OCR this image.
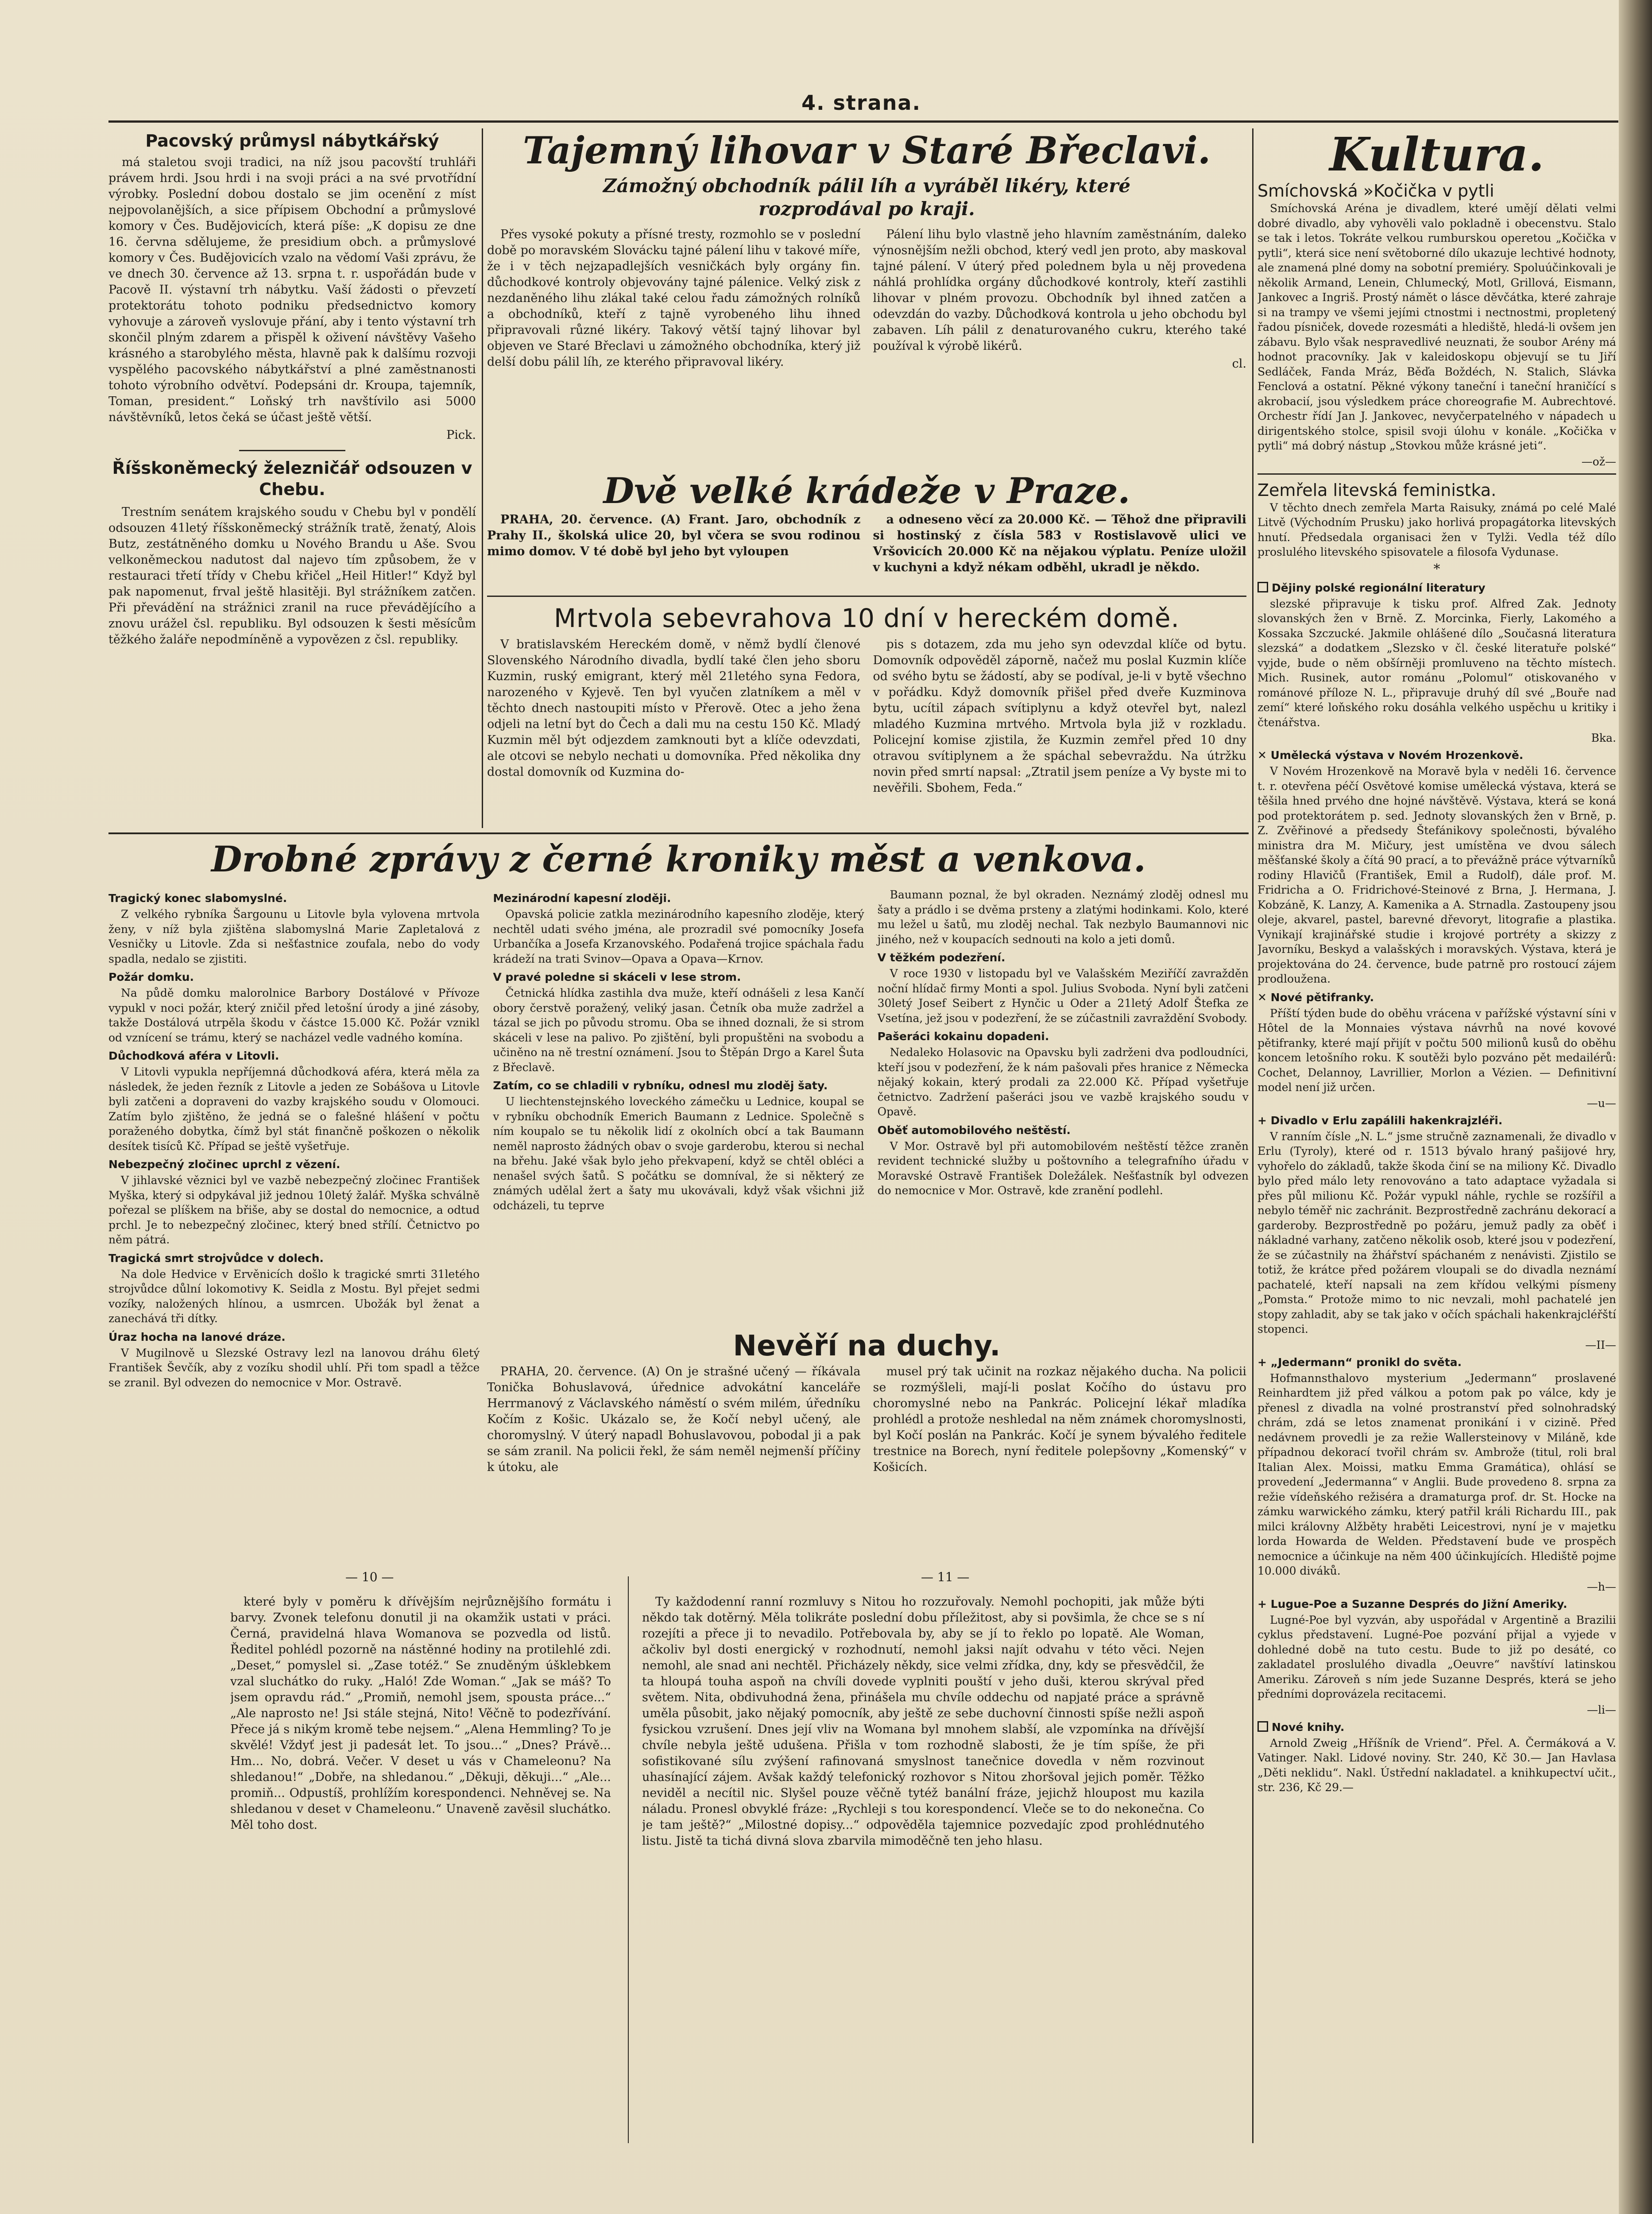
4. strana.
Pacovský průmysl nábytkářský

má staletou svoji tradici, na níž jsou pacovští truhláři právem hrdi. Jsou hrdi i na svoji práci a na své prvotřídní výrobky. Poslední dobou dostalo se jim ocenění z míst nejpovolanějších, a sice přípisem Obchodní a průmyslové komory v Čes. Budějovicích, která píše: „K dopisu ze dne 16. června sdělujeme, že presidium obch. a průmyslové komory v Čes. Budějovicích vzalo na vědomí Vaši zprávu, že ve dnech 30. července až 13. srpna t. r. uspořádán bude v Pacově II. výstavní trh nábytku. Vaší žádosti o převzetí protektorátu tohoto podniku předsednictvo komory vyhovuje a zároveň vyslovuje přání, aby i tento výstavní trh skončil plným zdarem a přispěl k oživení návštěvy Vašeho krásného a starobylého města, hlavně pak k dalšímu rozvoji vyspělého pacovského nábytkářství a plné zaměstnanosti tohoto výrobního odvětví. Podepsáni dr. Kroupa, tajemník, Toman, president.“ Loňský trh navštívilo asi 5000 návštěvníků, letos čeká se účast ještě větší.

Pick.
Říšskoněmecký železničář odsouzen v Chebu.

Trestním senátem krajského soudu v Chebu byl v pondělí odsouzen 41letý říšskoněmecký strážník tratě, ženatý, Alois Butz, zestátněného domku u Nového Brandu u Aše. Svou velkoněmeckou nadutost dal najevo tím způsobem, že v restauraci třetí třídy v Chebu křičel „Heil Hitler!“ Když byl pak napomenut, frval ještě hlasitěji. Byl strážníkem zatčen. Při převádění na strážnici zranil na ruce převádějícího a znovu urážel čsl. republiku. Byl odsouzen k šesti měsícům těžkého žaláře nepodmíněně a vypovězen z čsl. republiky.

Tajemný lihovar v Staré Břeclavi.
Zámožný obchodník pálil líh a vyráběl likéry, které rozprodával po kraji.

Přes vysoké pokuty a přísné tresty, rozmohlo se v poslední době po moravském Slovácku tajné pálení lihu v takové míře, že i v těch nejzapadlejších vesničkách byly orgány fin. důchodkové kontroly objevovány tajné pálenice. Velký zisk z nezdaněného lihu zlákal také celou řadu zámožných rolníků a obchodníků, kteří z tajně vyrobeného lihu ihned připravovali různé likéry. Takový větší tajný lihovar byl objeven ve Staré Břeclavi u zámožného obchodníka, který již delší dobu pálil líh, ze kterého připravoval likéry.

Pálení lihu bylo vlastně jeho hlavním zaměstnáním, daleko výnosnějším nežli obchod, který vedl jen proto, aby maskoval tajné pálení. V úterý před polednem byla u něj provedena náhlá prohlídka orgány důchodkové kontroly, kteří zastihli lihovar v plném provozu. Obchodník byl ihned zatčen a odevzdán do vazby. Důchodková kontrola u jeho obchodu byl zabaven. Líh pálil z denaturovaného cukru, kterého také používal k výrobě likérů.

cl.
Dvě velké krádeže v Praze.

PRAHA, 20. července. (A) Frant. Jaro, obchodník z Prahy II., školská ulice 20, byl včera se svou rodinou mimo domov. V té době byl jeho byt vyloupen

a odneseno věcí za 20.000 Kč. — Těhož dne připravili si hostinský z čísla 583 v Rostislavově ulici ve Vršovicích 20.000 Kč na nějakou výplatu. Peníze uložil v kuchyni a když nékam odběhl, ukradl je někdo.

Mrtvola sebevrahova 10 dní v hereckém domě.

V bratislavském Hereckém domě, v němž bydlí členové Slovenského Národního divadla, bydlí také člen jeho sboru Kuzmin, ruský emigrant, který měl 21letého syna Fedora, narozeného v Kyjevě. Ten byl vyučen zlatníkem a měl v těchto dnech nastoupiti místo v Přerově. Otec a jeho žena odjeli na letní byt do Čech a dali mu na cestu 150 Kč. Mladý Kuzmin měl být odjezdem zamknouti byt a klíče odevzdati, ale otcovi se nebylo nechati u domovníka. Před několika dny dostal domovník od Kuzmina do-

pis s dotazem, zda mu jeho syn odevzdal klíče od bytu. Domovník odpověděl záporně, načež mu poslal Kuzmin klíče od svého bytu se žádostí, aby se podíval, je-li v bytě všechno v pořádku. Když domovník přišel před dveře Kuzminova bytu, ucítil zápach svítiplynu a když otevřel byt, nalezl mladého Kuzmina mrtvého. Mrtvola byla již v rozkladu. Policejní komise zjistila, že Kuzmin zemřel před 10 dny otravou svítiplynem a že spáchal sebevraždu. Na útržku novin před smrtí napsal: „Ztratil jsem peníze a Vy byste mi to nevěřili. Sbohem, Feda.“

Drobné zprávy z černé kroniky měst a venkova.
Tragický konec slabomyslné.

Z velkého rybníka Šargounu u Litovle byla vylovena mrtvola ženy, v níž byla zjištěna slabomyslná Marie Zapletalová z Vesničky u Litovle. Zda si nešťastnice zoufala, nebo do vody spadla, nedalo se zjistiti.

Požár domku.

Na půdě domku malorolnice Barbory Dostálové v Přívoze vypukl v noci požár, který zničil před letošní úrody a jiné zásoby, takže Dostálová utrpěla škodu v částce 15.000 Kč. Požár vznikl od vznícení se trámu, který se nacházel vedle vadného komína.

Důchodková aféra v Litovli.

V Litovli vypukla nepříjemná důchodková aféra, která měla za následek, že jeden řezník z Litovle a jeden ze Sobášova u Litovle byli zatčeni a dopraveni do vazby krajského soudu v Olomouci. Zatím bylo zjištěno, že jedná se o falešné hlášení v počtu poraženého dobytka, čímž byl stát finančně poškozen o několik desítek tisíců Kč. Případ se ještě vyšetřuje.

Nebezpečný zločinec uprchl z vězení.

V jihlavské věznici byl ve vazbě nebezpečný zločinec František Myška, který si odpykával již jednou 10letý žalář. Myška schválně pořezal se plíškem na břiše, aby se dostal do nemocnice, a odtud prchl. Je to nebezpečný zločinec, který bned střílí. Četnictvo po něm pátrá.

Tragická smrt strojvůdce v dolech.

Na dole Hedvice v Ervěnicích došlo k tragické smrti 31letého strojvůdce důlní lokomotivy K. Seidla z Mostu. Byl přejet sedmi vozíky, naložených hlínou, a usmrcen. Ubožák byl ženat a zanechává tři dítky.

Úraz hocha na lanové dráze.

V Mugilnově u Slezské Ostravy lezl na lanovou dráhu 6letý František Ševčík, aby z vozíku shodil uhlí. Při tom spadl a těžce se zranil. Byl odvezen do nemocnice v Mor. Ostravě.

Mezinárodní kapesní zloději.

Opavská policie zatkla mezinárodního kapesního zloděje, který nechtěl udati svého jména, ale prozradil své pomocníky Josefa Urbančíka a Josefa Krzanovského. Podařená trojice spáchala řadu krádeží na trati Svinov—Opava a Opava—Krnov.

V pravé poledne si skáceli v lese strom.

Četnická hlídka zastihla dva muže, kteří odnášeli z lesa Kančí obory čerstvě poražený, veliký jasan. Četník oba muže zadržel a tázal se jich po původu stromu. Oba se ihned doznali, že si strom skáceli v lese na palivo. Po zjištění, byli propuštěni na svobodu a učiněno na ně trestní oznámení. Jsou to Štěpán Drgo a Karel Šuta z Břeclavě.

Zatím, co se chladili v rybníku, odnesl mu zloděj šaty.

U liechtenstejnského loveckého zámečku u Lednice, koupal se v rybníku obchodník Emerich Baumann z Lednice. Společně s ním koupalo se tu několik lidí z okolních obcí a tak Baumann neměl naprosto žádných obav o svoje garderobu, kterou si nechal na břehu. Jaké však bylo jeho překvapení, když se chtěl obléci a nenašel svých šatů. S počátku se domníval, že si některý ze známých udělal žert a šaty mu ukovávali, když však všichni již odcházeli, tu teprve

Baumann poznal, že byl okraden. Neznámý zloděj odnesl mu šaty a prádlo i se dvěma prsteny a zlatými hodinkami. Kolo, které mu ležel u šatů, mu zloděj nechal. Tak nezbylo Baumannovi nic jiného, než v koupacích sednouti na kolo a jeti domů.

V těžkém podezření.

V roce 1930 v listopadu byl ve Valašském Meziříčí zavražděn noční hlídač firmy Monti a spol. Julius Svoboda. Nyní byli zatčeni 30letý Josef Seibert z Hynčic u Oder a 21letý Adolf Štefka ze Vsetína, jež jsou v podezření, že se zúčastnili zavraždění Svobody.

Pašeráci kokainu dopadeni.

Nedaleko Holasovic na Opavsku byli zadrženi dva podloudníci, kteří jsou v podezření, že k nám pašovali přes hranice z Německa nějaký kokain, který prodali za 22.000 Kč. Případ vyšetřuje četnictvo. Zadržení pašeráci jsou ve vazbě krajského soudu v Opavě.

Oběť automobilového neštěstí.

V Mor. Ostravě byl při automobilovém neštěstí těžce zraněn revident technické služby u poštovního a telegrafního úřadu v Moravské Ostravě František Doležálek. Nešťastník byl odvezen do nemocnice v Mor. Ostravě, kde zranění podlehl.

Nevěří na duchy.

PRAHA, 20. července. (A) On je strašné učený — říkávala Tonička Bohuslavová, úřednice advokátní kanceláře Herrmanový z Václavského náměstí o svém milém, úředníku Kočím z Košic. Ukázalo se, že Kočí nebyl učený, ale choromyslný. V úterý napadl Bohuslavovou, pobodal ji a pak se sám zranil. Na policii řekl, že sám neměl nejmenší příčiny k útoku, ale

musel prý tak učinit na rozkaz nějakého ducha. Na policii se rozmýšleli, mají-li poslat Kočího do ústavu pro choromyslné nebo na Pankrác. Policejní lékař mladíka prohlédl a protože neshledal na něm známek choromyslnosti, byl Kočí poslán na Pankrác. Kočí je synem bývalého ředitele trestnice na Borech, nyní ředitele polepšovny „Komenský“ v Košicích.

Kultura.
Smíchovská »Kočička v pytli

Smíchovská Aréna je divadlem, které umějí dělati velmi dobré divadlo, aby vyhověli valo pokladně i obecenstvu. Stalo se tak i letos. Tokráte velkou rumburskou operetou „Kočička v pytli“, která sice není světoborné dílo ukazuje lechtivé hodnoty, ale znamená plné domy na sobotní premiéry. Spoluúčinkovali je několik Armand, Lenein, Chlumecký, Motl, Grillová, Eismann, Jankovec a Ingriš. Prostý námět o lásce děvčátka, které zahraje si na trampy ve všemi jejími ctnostmi i nectnostmi, propletený řadou písniček, dovede rozesmáti a hlediště, hledá-li ovšem jen zábavu. Bylo však nespravedlivé neuznati, že soubor Arény má hodnot pracovníky. Jak v kaleidoskopu objevují se tu Jiří Sedláček, Fanda Mráz, Běďa Boždéch, N. Stalich, Slávka Fenclová a ostatní. Pěkné výkony taneční i taneční hraničící s akrobacií, jsou výsledkem práce choreografie M. Aubrechtové. Orchestr řídí Jan J. Jankovec, nevyčerpatelného v nápadech u dirigentského stolce, spisil svoji úlohu v konále. „Kočička v pytli“ má dobrý nástup „Stovkou může krásné jeti“.

—ož—
Zemřela litevská feministka.

V těchto dnech zemřela Marta Raisuky, známá po celé Malé Litvě (Východním Prusku) jako horlivá propagátorka litevských hnutí. Předsedala organisaci žen v Tylži. Vedla též dílo proslulého litevského spisovatele a filosofa Vydunase.

*
Dějiny polské regionální literatury

slezské připravuje k tisku prof. Alfred Zak. Jednoty slovanských žen v Brně. Z. Morcinka, Fierly, Lakomého a Kossaka Szczucké. Jakmile ohlášené dílo „Současná literatura slezská“ a dodatkem „Slezsko v čl. české literatuře polské“ vyjde, bude o něm obšírněji promluveno na těchto místech. Mich. Rusinek, autor románu „Polomul“ otiskovaného v románové příloze N. L., připravuje druhý díl své „Bouře nad zemí“ které loňského roku dosáhla velkého uspěchu u kritiky i čtenářstva.

Bka.
✕ Umělecká výstava v Novém Hrozenkově.

V Novém Hrozenkově na Moravě byla v neděli 16. července t. r. otevřena péčí Osvětové komise umělecká výstava, která se těšila hned prvého dne hojné návštěvě. Výstava, která se koná pod protektorátem p. sed. Jednoty slovanských žen v Brně, p. Z. Zvěřinové a předsedy Štefánikovy společnosti, bývalého ministra dra M. Mičury, jest umístěna ve dvou sálech měšťanské školy a čítá 90 prací, a to převážně práce výtvarníků rodiny Hlavičů (František, Emil a Rudolf), dále prof. M. Fridricha a O. Fridrichové-Steinové z Brna, J. Hermana, J. Kobzáně, K. Lanzy, A. Kamenika a A. Strnadla. Zastoupeny jsou oleje, akvarel, pastel, barevné dřevoryt, litografie a plastika. Vynikají krajinářské studie i krojové portréty a skizzy z Javorníku, Beskyd a valašských i moravských. Výstava, která je projektována do 24. července, bude patrně pro rostoucí zájem prodloužena.

✕ Nové pětifranky.

Příští týden bude do oběhu vrácena v pařížské výstavní síni v Hôtel de la Monnaies výstava návrhů na nové kovové pětifranky, které mají přijít v počtu 500 milionů kusů do oběhu koncem letošního roku. K soutěži bylo pozváno pět medailérů: Cochet, Delannoy, Lavrillier, Morlon a Vézien. — Definitivní model není již určen.

—u—
+ Divadlo v Erlu zapálili hakenkrajzléři.

V ranním čísle „N. L.“ jsme stručně zaznamenali, že divadlo v Erlu (Tyroly), které od r. 1513 bývalo hraný pašijové hry, vyhořelo do základů, takže škoda činí se na miliony Kč. Divadlo bylo před málo lety renovováno a tato adaptace vyžadala si přes půl milionu Kč. Požár vypukl náhle, rychle se rozšířil a nebylo téměř nic zachránit. Bezprostředně zachránu dekorací a garderoby. Bezprostředně po požáru, jemuž padly za oběť i nákladné varhany, zatčeno několik osob, které jsou v podezření, že se zúčastnily na žhářství spáchaném z nenávisti. Zjistilo se totiž, že krátce před požárem vloupali se do divadla neznámí pachatelé, kteří napsali na zem křídou velkými písmeny „Pomsta.“ Protože mimo to nic nevzali, mohl pachatelé jen stopy zahladit, aby se tak jako v očích spáchali hakenkrajcléřští stopenci.

—II—
+ „Jedermann“ pronikl do světa.

Hofmannsthalovo mysterium „Jedermann“ proslavené Reinhardtem již před válkou a potom pak po válce, kdy je přenesl z divadla na volné prostranství před solnohradský chrám, zdá se letos znamenat pronikání i v cizině. Před nedávnem provedli je za režie Wallersteinovy v Miláně, kde případnou dekorací tvořil chrám sv. Ambrože (titul, roli bral Italian Alex. Moissi, matku Emma Gramática), ohlásí se provedení „Jedermanna“ v Anglii. Bude provedeno 8. srpna za režie vídeňského režiséra a dramaturga prof. dr. St. Hocke na zámku warwického zámku, který patřil králi Richardu III., pak milci královny Alžběty hraběti Leicestrovi, nyní je v majetku lorda Howarda de Welden. Představení bude ve prospěch nemocnice a účinkuje na něm 400 účinkujících. Hlediště pojme 10.000 diváků.

—h—
+ Lugue-Poe a Suzanne Després do Jižní Ameriky.

Lugné-Poe byl vyzván, aby uspořádal v Argentině a Brazilii cyklus představení. Lugné-Poe pozvání přijal a vyjede v dohledné době na tuto cestu. Bude to již po desáté, co zakladatel proslulého divadla „Oeuvre“ navštíví latinskou Ameriku. Zároveň s ním jede Suzanne Després, která se jeho předními doprovázela recitacemi.

—li—
Nové knihy.

Arnold Zweig „Hříšník de Vriend“. Přel. A. Čermáková a V. Vatinger. Nakl. Lidové noviny. Str. 240, Kč 30.— Jan Havlasa „Děti neklidu“. Nakl. Ústřední nakladatel. a knihkupectví učit., str. 236, Kč 29.—

— 10 —	— 11 —

které byly v poměru k dřívějším nejrůznějšího formátu i barvy. Zvonek telefonu donutil ji na okamžik ustati v práci. Černá, pravidelná hlava Womanova se pozvedla od listů. Ředitel pohlédl pozorně na nástěnné hodiny na protilehlé zdi. „Deset,“ pomyslel si. „Zase totéž.“ Se znuděným úšklebkem vzal sluchátko do ruky. „Haló! Zde Woman.“ „Jak se máš? To jsem opravdu rád.“ „Promiň, nemohl jsem, spousta práce...“ „Ale naprosto ne! Jsi stále stejná, Nito! Věčně to podezřívání. Přece já s nikým kromě tebe nejsem.“ „Alena Hemmling? To je skvělé! Vždyť jest ji padesát let. To jsou...“ „Dnes? Právě... Hm... No, dobrá. Večer. V deset u vás v Chameleonu? Na shledanou!“ „Dobře, na shledanou.“ „Děkuji, děkuji...“ „Ale... promiň... Odpustíš, prohlížím korespondenci. Nehněvej se. Na shledanou v deset v Chameleonu.“ Unaveně zavěsil sluchátko. Měl toho dost.

Ty každodenní ranní rozmluvy s Nitou ho rozzuřovaly. Nemohl pochopiti, jak může býti někdo tak dotěrný. Měla tolikráte poslední dobu příležitost, aby si povšimla, že chce se s ní rozejíti a přece ji to nevadilo. Potřebovala by, aby se jí to řeklo po lopatě. Ale Woman, ačkoliv byl dosti energický v rozhodnutí, nemohl jaksi najít odvahu v této věci. Nejen nemohl, ale snad ani nechtěl. Přicházely někdy, sice velmi zřídka, dny, kdy se přesvědčil, že ta hloupá touha aspoň na chvíli dovede vyplniti pouští v jeho duši, kterou skrýval před světem. Nita, obdivuhodná žena, přinášela mu chvíle oddechu od napjaté práce a správně uměla působit, jako nějaký pomocník, aby ještě ze sebe duchovní činnosti spíše nežli aspoň fysickou vzrušení. Dnes její vliv na Womana byl mnohem slabší, ale vzpomínka na dřívější chvíle nebyla ještě udušena. Přišla v tom rozhodně slabosti, že je tím spíše, že při sofistikované sílu zvýšení rafinovaná smyslnost tanečnice dovedla v něm rozvinout uhasínající zájem. Avšak každý telefonický rozhovor s Nitou zhoršoval jejich poměr. Těžko neviděl a necítil nic. Slyšel pouze věčně tytéž banální fráze, jejichž hloupost mu kazila náladu. Pronesl obvyklé fráze: „Rychleji s tou korespondencí. Vleče se to do nekonečna. Co je tam ještě?“ „Milostné dopisy...“ odpověděla tajemnice pozvedajíc zpod prohlédnutého listu. Jistě ta tichá divná slova zbarvila mimoděčně ten jeho hlasu.
